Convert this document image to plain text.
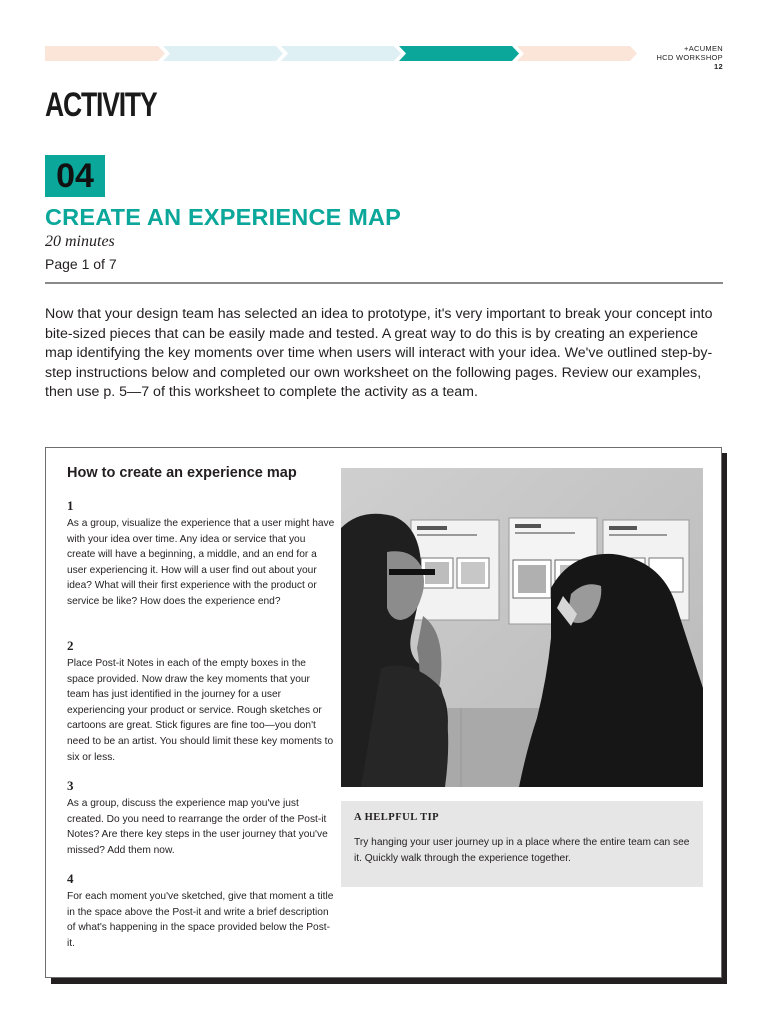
+ACUMEN
HCD WORKSHOP
12
ACTIVITY
04
CREATE AN EXPERIENCE MAP
20 minutes
Page 1 of 7
Now that your design team has selected an idea to prototype, it's very important to break your concept into bite-sized pieces that can be easily made and tested. A great way to do this is by creating an experience map identifying the key moments over time when users will interact with your idea. We've outlined step-by-step instructions below and completed our own worksheet on the following pages. Review our examples, then use p. 5—7 of this worksheet to complete the activity as a team.
How to create an experience map
1
As a group, visualize the experience that a user might have with your idea over time. Any idea or service that you create will have a beginning, a middle, and an end for a user experiencing it. How will a user find out about your idea? What will their first experience with the product or service be like? How does the experience end?
2
Place Post-it Notes in each of the empty boxes in the space provided. Now draw the key moments that your team has just identified in the journey for a user experiencing your product or service. Rough sketches or cartoons are great. Stick figures are fine too—you don't need to be an artist. You should limit these key moments to six or less.
3
As a group, discuss the experience map you've just created. Do you need to rearrange the order of the Post-it Notes? Are there key steps in the user journey that you've missed? Add them now.
4
For each moment you've sketched, give that moment a title in the space above the Post-it and write a brief description of what's happening in the space provided below the Post-it.
A HELPFUL TIP
Try hanging your user journey up in a place where the entire team can see it. Quickly walk through the experience together.
